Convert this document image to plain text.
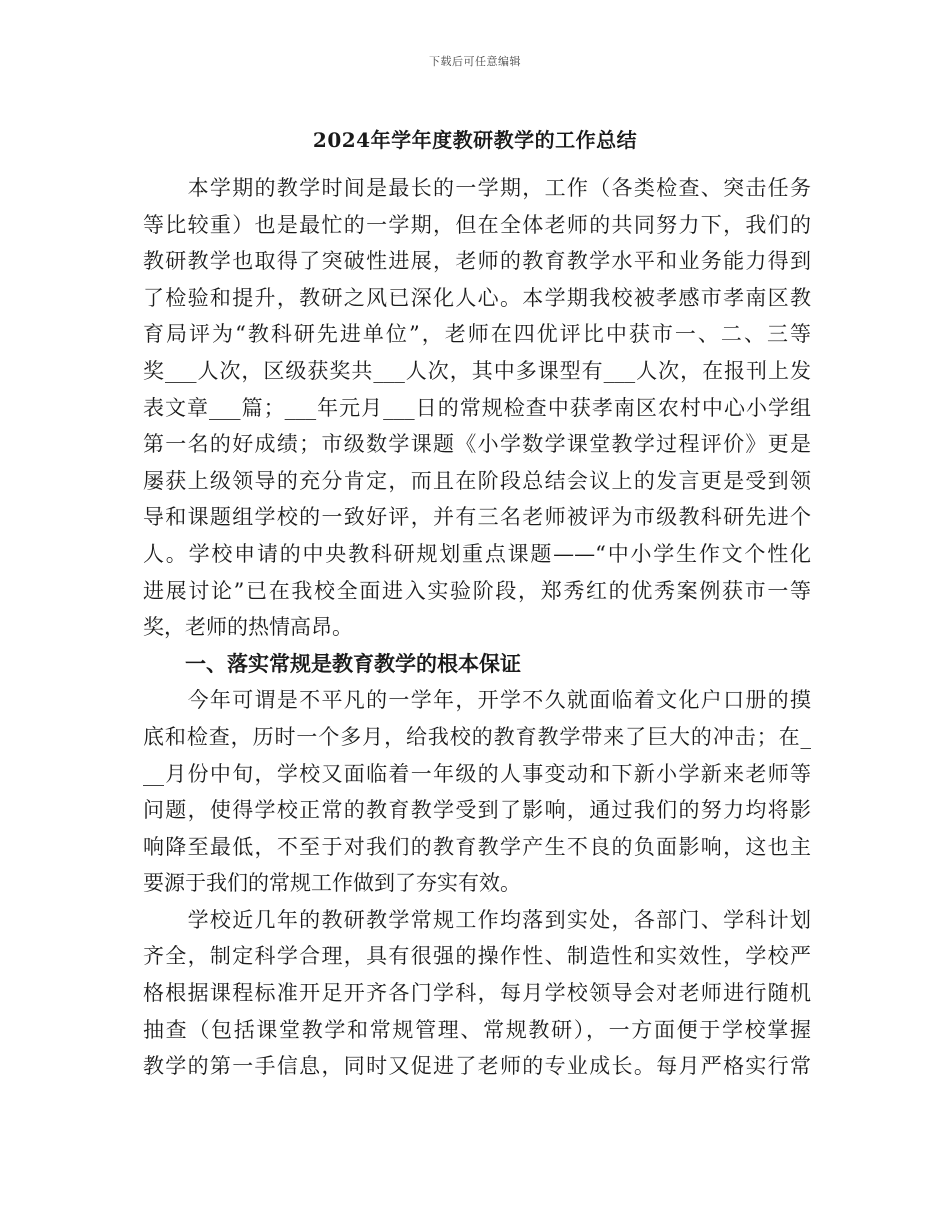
下载后可任意编辑
2024年学年度教研教学的工作总结
　　本学期的教学时间是最长的一学期，工作（各类检查、突击任务
等比较重）也是最忙的一学期，但在全体老师的共同努力下，我们的
教研教学也取得了突破性进展，老师的教育教学水平和业务能力得到
了检验和提升，教研之风已深化人心。本学期我校被孝感市孝南区教
育局评为“教科研先进单位”，老师在四优评比中获市一、二、三等
奖___人次，区级获奖共___人次，其中多课型有___人次，在报刊上发
表文章___篇；___年元月___日的常规检查中获孝南区农村中心小学组
第一名的好成绩；市级数学课题《小学数学课堂教学过程评价》更是
屡获上级领导的充分肯定，而且在阶段总结会议上的发言更是受到领
导和课题组学校的一致好评，并有三名老师被评为市级教科研先进个
人。学校申请的中央教科研规划重点课题——“中小学生作文个性化
进展讨论”已在我校全面进入实验阶段，郑秀红的优秀案例获市一等
奖，老师的热情高昂。
一、落实常规是教育教学的根本保证
　　今年可谓是不平凡的一学年，开学不久就面临着文化户口册的摸
底和检查，历时一个多月，给我校的教育教学带来了巨大的冲击；在_
__月份中旬，学校又面临着一年级的人事变动和下新小学新来老师等
问题，使得学校正常的教育教学受到了影响，通过我们的努力均将影
响降至最低，不至于对我们的教育教学产生不良的负面影响，这也主
要源于我们的常规工作做到了夯实有效。
　　学校近几年的教研教学常规工作均落到实处，各部门、学科计划
齐全，制定科学合理，具有很强的操作性、制造性和实效性，学校严
格根据课程标准开足开齐各门学科，每月学校领导会对老师进行随机
抽查（包括课堂教学和常规管理、常规教研），一方面便于学校掌握
教学的第一手信息，同时又促进了老师的专业成长。每月严格实行常
